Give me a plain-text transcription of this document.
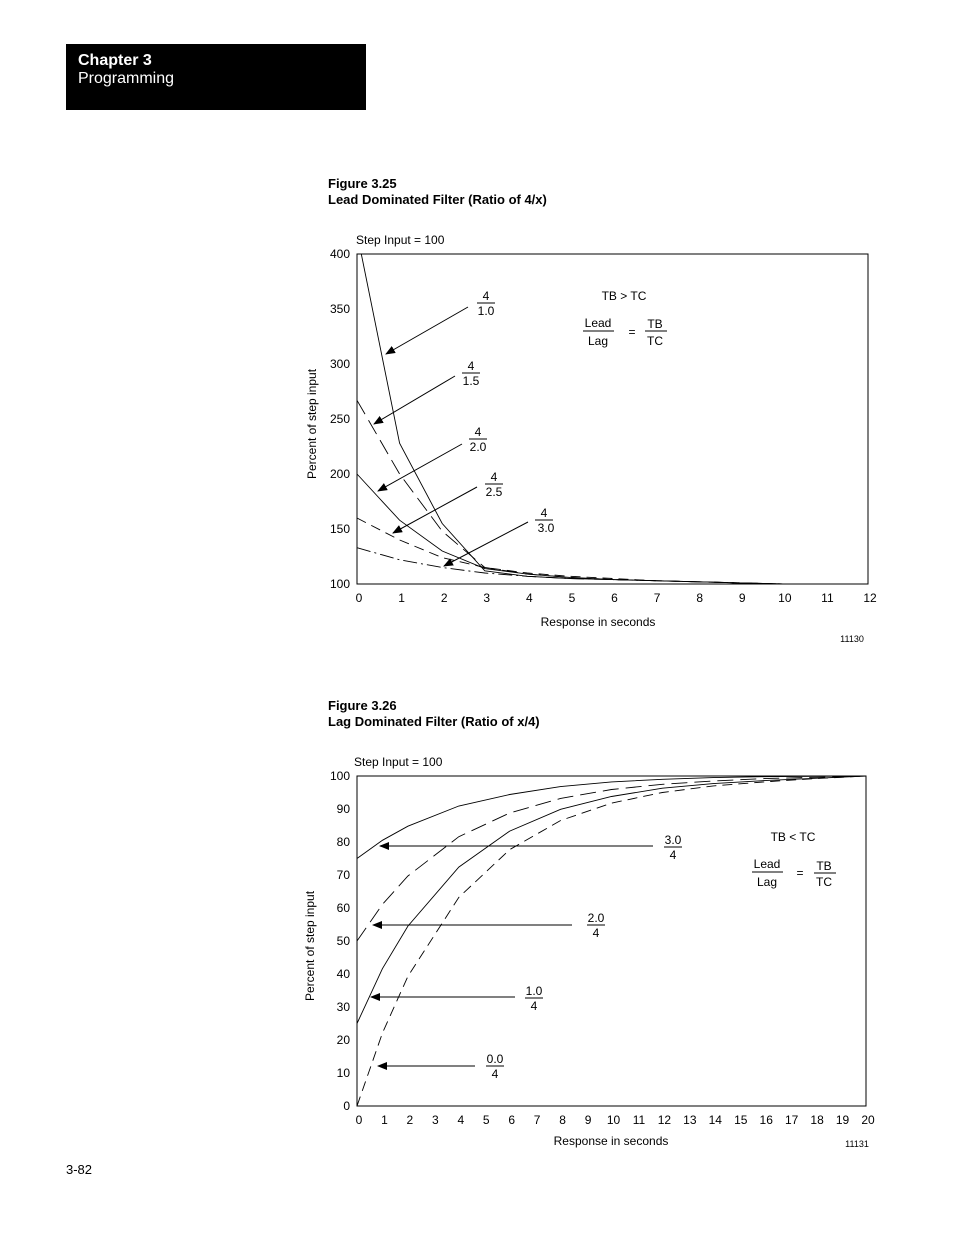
Chapter 3
Programming
Figure 3.25
Lead Dominated Filter (Ratio of 4/x)
Figure 3.26
Lag Dominated Filter (Ratio of x/4)
Step Input = 100
100
150
200
250
300
350
400
0	1	2	3	4	5	6	7	8	9	10 11 12
Percent of step input
Response in seconds
11130
TB > TC
Lead
Lag
=
TB
TC
4
1.0
4
1.5
4
2.0
4
2.5
4
3.0
Step Input = 100
0
10
20
30
40
50
60
70
80
90
100
0 1 2 3 4 5 6 7 8 9 10 11 12 13 14 15 16 17 18 19 20
Percent of step input
Response in seconds	11131
TB < TC
Lead
Lag
= TB
TC
3.0
4
2.0
4
1.0
4
0.0
4
3-82
